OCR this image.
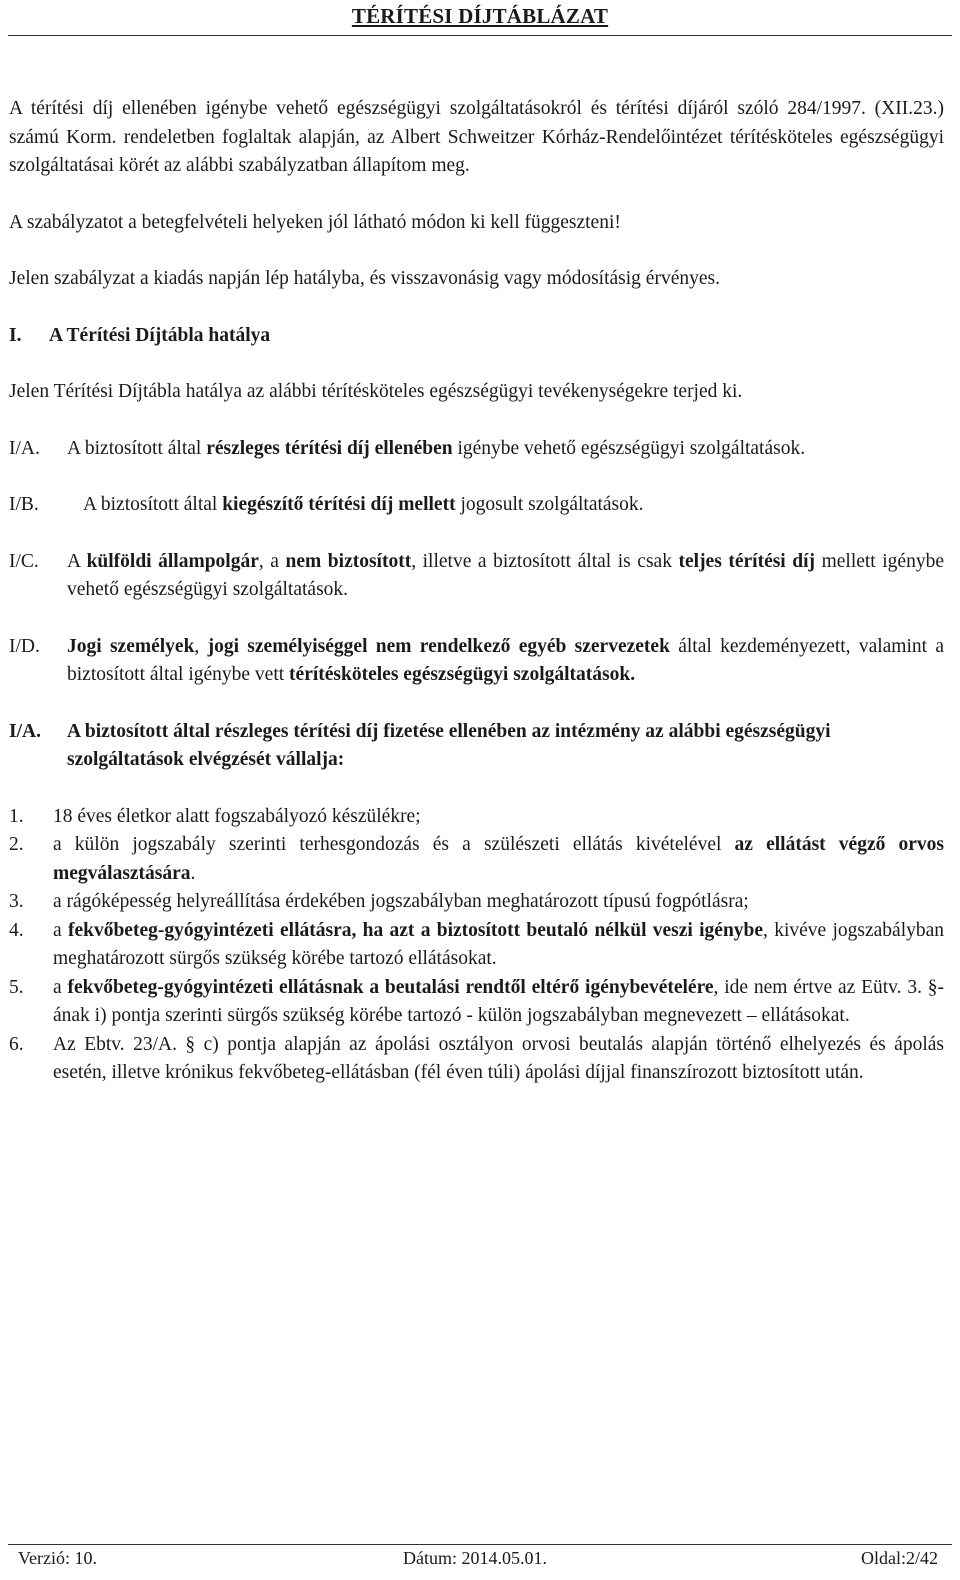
TÉRÍTÉSI DÍJTÁBLÁZAT

A térítési díj ellenében igénybe vehető egészségügyi szolgáltatásokról és térítési díjáról szóló 284/1997. (XII.23.) számú Korm. rendeletben foglaltak alapján, az Albert Schweitzer Kórház-Rendelőintézet térítésköteles egészségügyi szolgáltatásai körét az alábbi szabályzatban állapítom meg.

A szabályzatot a betegfelvételi helyeken jól látható módon ki kell függeszteni!

Jelen szabályzat a kiadás napján lép hatályba, és visszavonásig vagy módosításig érvényes.

I.	A Térítési Díjtábla hatálya

Jelen Térítési Díjtábla hatálya az alábbi térítésköteles egészségügyi tevékenységekre terjed ki.

I/A.	A biztosított által részleges térítési díj ellenében igénybe vehető egészségügyi szolgáltatások.
I/B.	A biztosított által kiegészítő térítési díj mellett jogosult szolgáltatások.
I/C.	A külföldi állampolgár, a nem biztosított, illetve a biztosított által is csak teljes térítési díj mellett igénybe vehető egészségügyi szolgáltatások.
I/D.	Jogi személyek, jogi személyiséggel nem rendelkező egyéb szervezetek által kezdeményezett, valamint a biztosított által igénybe vett térítésköteles egészségügyi szolgáltatások.
I/A.	A biztosított által részleges térítési díj fizetése ellenében az intézmény az alábbi egészségügyi szolgáltatások elvégzését vállalja:
1.	18 éves életkor alatt fogszabályozó készülékre;
2.	a külön jogszabály szerinti terhesgondozás és a szülészeti ellátás kivételével az ellátást végző orvos megválasztására.
3.	a rágóképesség helyreállítása érdekében jogszabályban meghatározott típusú fogpótlásra;
4.	a fekvőbeteg-gyógyintézeti ellátásra, ha azt a biztosított beutaló nélkül veszi igénybe, kivéve jogszabályban meghatározott sürgős szükség körébe tartozó ellátásokat.
5.	a fekvőbeteg-gyógyintézeti ellátásnak a beutalási rendtől eltérő igénybevételére, ide nem értve az Eütv. 3. §-ának i) pontja szerinti sürgős szükség körébe tartozó - külön jogszabályban megnevezett – ellátásokat.
6.	Az Ebtv. 23/A. § c) pontja alapján az ápolási osztályon orvosi beutalás alapján történő elhelyezés és ápolás esetén, illetve krónikus fekvőbeteg-ellátásban (fél éven túli) ápolási díjjal finanszírozott biztosított után.
Verzió: 10.	Dátum: 2014.05.01.	Oldal:2/42
